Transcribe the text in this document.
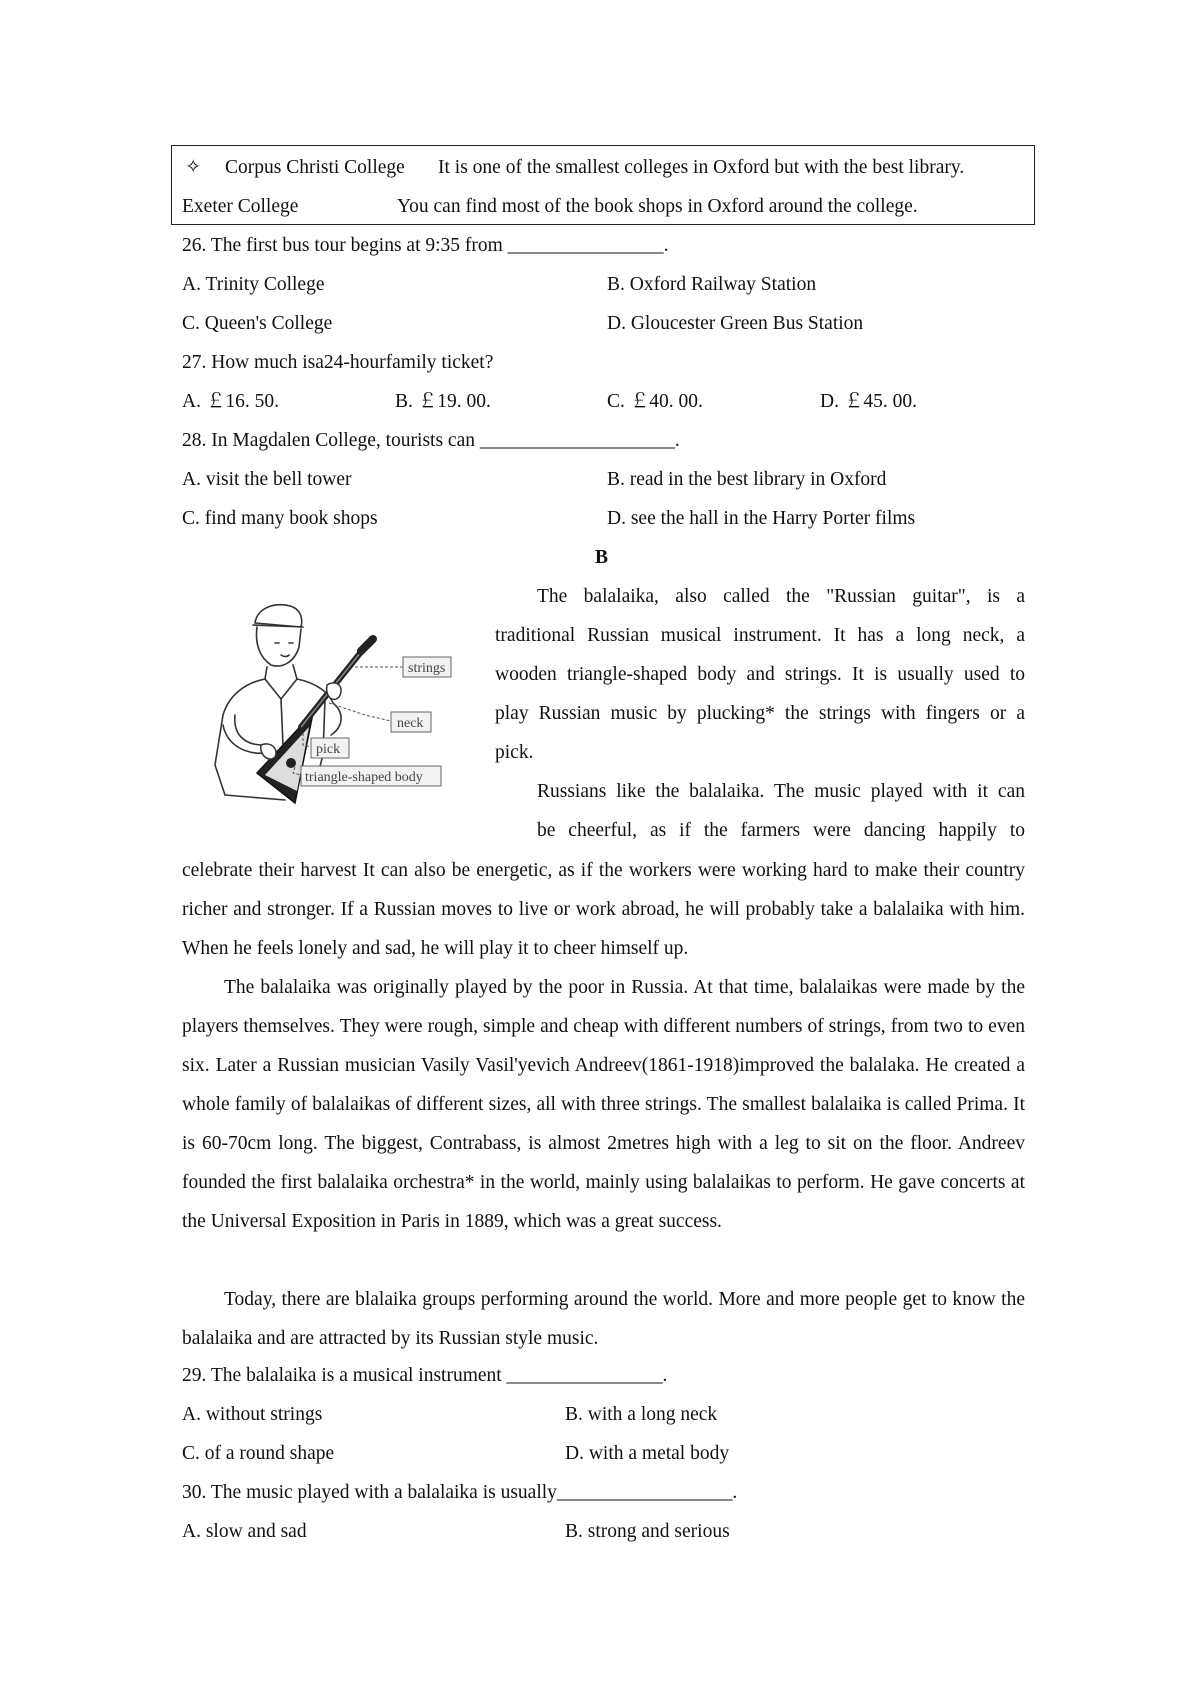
✧ Corpus Christi College It is one of the smallest colleges in Oxford but with the best library.
Exeter College	You can find most of the book shops in Oxford around the college.
26. The first bus tour begins at 9:35 from ________________.
A. Trinity College	B. Oxford Railway Station
C. Queen's College	D. Gloucester Green Bus Station
27. How much isa24-hourfamily ticket?
A. ￡16. 50.	B. ￡19. 00.	C. ￡40. 00.	D. ￡45. 00.
28. In Magdalen College, tourists can ____________________.
A. visit the bell tower	B. read in the best library in Oxford
C. find many book shops	D. see the hall in the Harry Porter films
B
strings
neck
pick
triangle-shaped body
The balalaika, also called the "Russian guitar", is a
traditional Russian musical instrument. It has a long neck, a
wooden triangle-shaped body and strings. It is usually used to
play Russian music by plucking* the strings with fingers or a
pick.
Russians like the balalaika. The music played with it can
be cheerful, as if the farmers were dancing happily to
celebrate their harvest It can also be energetic, as if the workers were working hard to make their country richer and stronger. If a Russian moves to live or work abroad, he will probably take a balalaika with him. When he feels lonely and sad, he will play it to cheer himself up.
The balalaika was originally played by the poor in Russia. At that time, balalaikas were made by the players themselves. They were rough, simple and cheap with different numbers of strings, from two to even six. Later a Russian musician Vasily Vasil'yevich Andreev(1861-1918)improved the balalaka. He created a whole family of balalaikas of different sizes, all with three strings. The smallest balalaika is called Prima. It is 60-70cm long. The biggest, Contrabass, is almost 2metres high with a leg to sit on the floor. Andreev founded the first balalaika orchestra* in the world, mainly using balalaikas to perform. He gave concerts at the Universal Exposition in Paris in 1889, which was a great success.
Today, there are blalaika groups performing around the world. More and more people get to know the balalaika and are attracted by its Russian style music.
29. The balalaika is a musical instrument ________________.
A. without strings	B. with a long neck
C. of a round shape	D. with a metal body
30. The music played with a balalaika is usually__________________.
A. slow and sad	B. strong and serious
